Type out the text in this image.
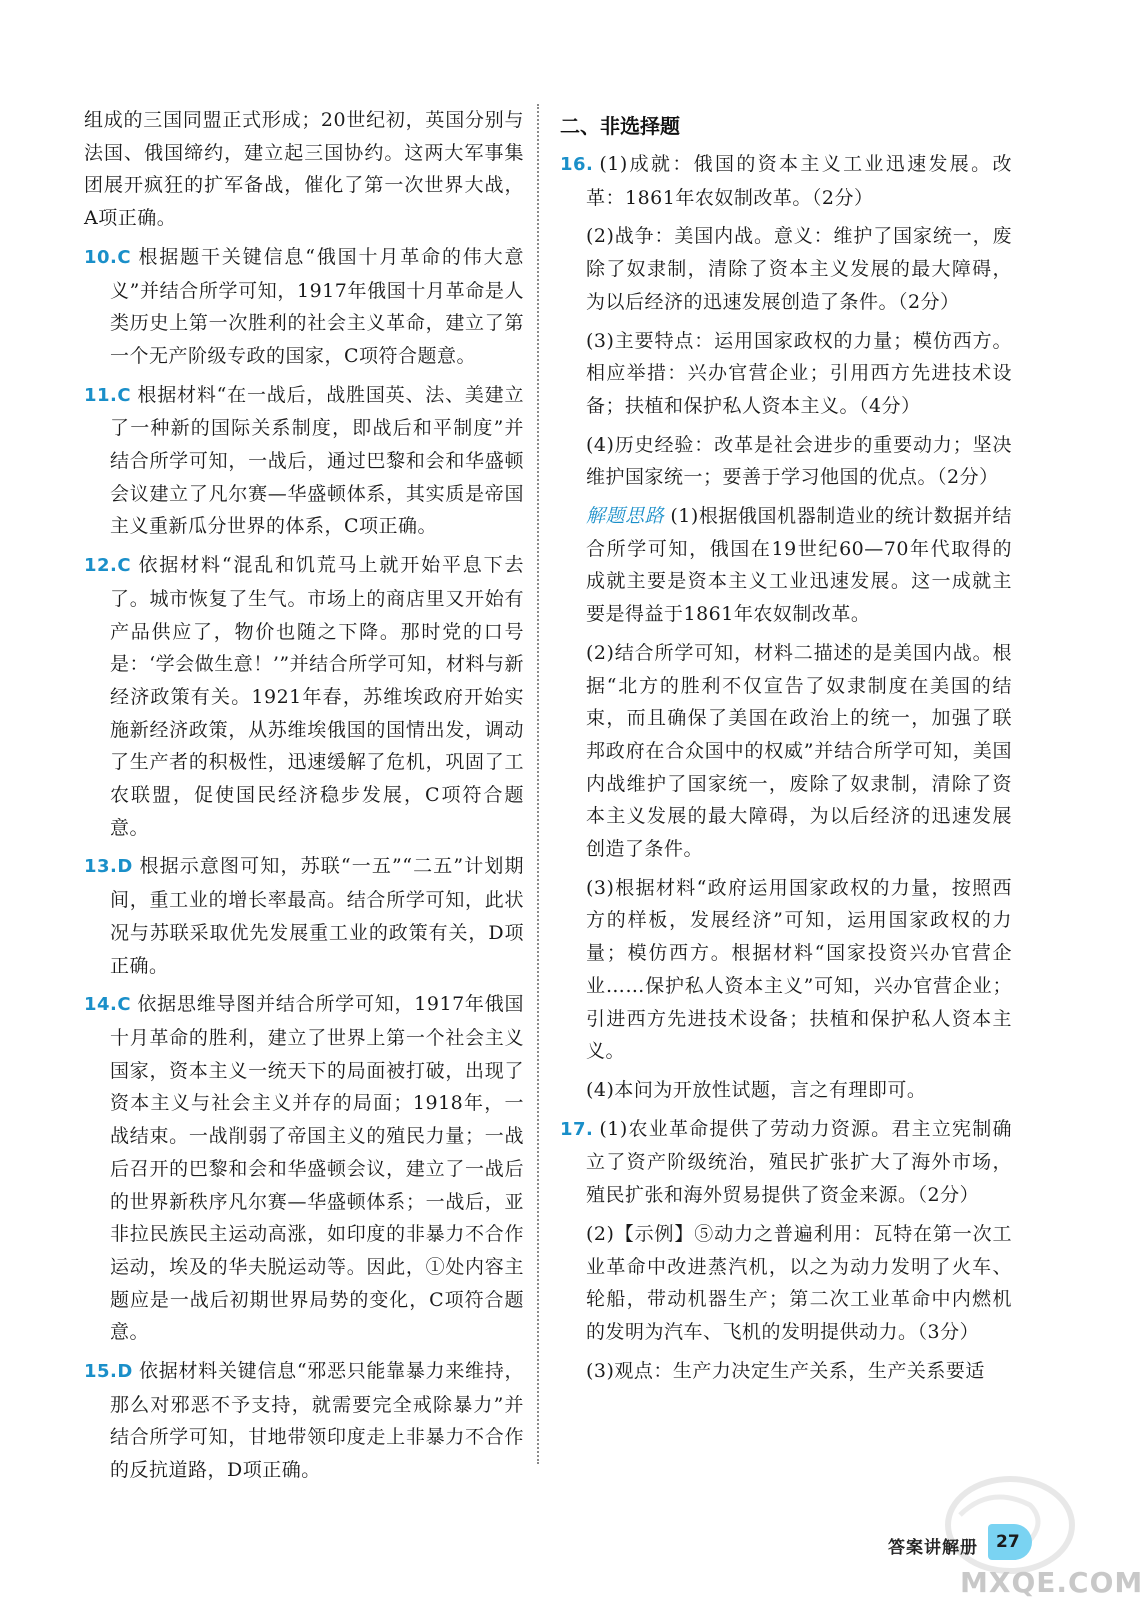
组成的三国同盟正式形成；20世纪初，英国分别与法国、俄国缔约，建立起三国协约。这两大军事集团展开疯狂的扩军备战，催化了第一次世界大战，A项正确。

10.C 根据题干关键信息“俄国十月革命的伟大意义”并结合所学可知，1917年俄国十月革命是人类历史上第一次胜利的社会主义革命，建立了第一个无产阶级专政的国家，C项符合题意。

11.C 根据材料“在一战后，战胜国英、法、美建立了一种新的国际关系制度，即战后和平制度”并结合所学可知，一战后，通过巴黎和会和华盛顿会议建立了凡尔赛—华盛顿体系，其实质是帝国主义重新瓜分世界的体系，C项正确。

12.C 依据材料“混乱和饥荒马上就开始平息下去了。城市恢复了生气。市场上的商店里又开始有产品供应了，物价也随之下降。那时党的口号是：‘学会做生意！’”并结合所学可知，材料与新经济政策有关。1921年春，苏维埃政府开始实施新经济政策，从苏维埃俄国的国情出发，调动了生产者的积极性，迅速缓解了危机，巩固了工农联盟，促使国民经济稳步发展，C项符合题意。

13.D 根据示意图可知，苏联“一五”“二五”计划期间，重工业的增长率最高。结合所学可知，此状况与苏联采取优先发展重工业的政策有关，D项正确。

14.C 依据思维导图并结合所学可知，1917年俄国十月革命的胜利，建立了世界上第一个社会主义国家，资本主义一统天下的局面被打破，出现了资本主义与社会主义并存的局面；1918年，一战结束。一战削弱了帝国主义的殖民力量；一战后召开的巴黎和会和华盛顿会议，建立了一战后的世界新秩序凡尔赛—华盛顿体系；一战后，亚非拉民族民主运动高涨，如印度的非暴力不合作运动，埃及的华夫脱运动等。因此，①处内容主题应是一战后初期世界局势的变化，C项符合题意。

15.D 依据材料关键信息“邪恶只能靠暴力来维持，那么对邪恶不予支持，就需要完全戒除暴力”并结合所学可知，甘地带领印度走上非暴力不合作的反抗道路，D项正确。

二、非选择题

16. (1)成就：俄国的资本主义工业迅速发展。改革：1861年农奴制改革。（2分）

(2)战争：美国内战。意义：维护了国家统一，废除了奴隶制，清除了资本主义发展的最大障碍，为以后经济的迅速发展创造了条件。（2分）

(3)主要特点：运用国家政权的力量；模仿西方。相应举措：兴办官营企业；引用西方先进技术设备；扶植和保护私人资本主义。（4分）

(4)历史经验：改革是社会进步的重要动力；坚决维护国家统一；要善于学习他国的优点。（2分）

解题思路 (1)根据俄国机器制造业的统计数据并结合所学可知，俄国在19世纪60—70年代取得的成就主要是资本主义工业迅速发展。这一成就主要是得益于1861年农奴制改革。

(2)结合所学可知，材料二描述的是美国内战。根据“北方的胜利不仅宣告了奴隶制度在美国的结束，而且确保了美国在政治上的统一，加强了联邦政府在合众国中的权威”并结合所学可知，美国内战维护了国家统一，废除了奴隶制，清除了资本主义发展的最大障碍，为以后经济的迅速发展创造了条件。

(3)根据材料“政府运用国家政权的力量，按照西方的样板，发展经济”可知，运用国家政权的力量；模仿西方。根据材料“国家投资兴办官营企业……保护私人资本主义”可知，兴办官营企业；引进西方先进技术设备；扶植和保护私人资本主义。

(4)本问为开放性试题，言之有理即可。

17. (1)农业革命提供了劳动力资源。君主立宪制确立了资产阶级统治，殖民扩张扩大了海外市场，殖民扩张和海外贸易提供了资金来源。（2分）

(2)【示例】⑤动力之普遍利用：瓦特在第一次工业革命中改进蒸汽机，以之为动力发明了火车、轮船，带动机器生产；第二次工业革命中内燃机的发明为汽车、飞机的发明提供动力。（3分）

(3)观点：生产力决定生产关系，生产关系要适

MXQE.COM
答案讲解册	27
